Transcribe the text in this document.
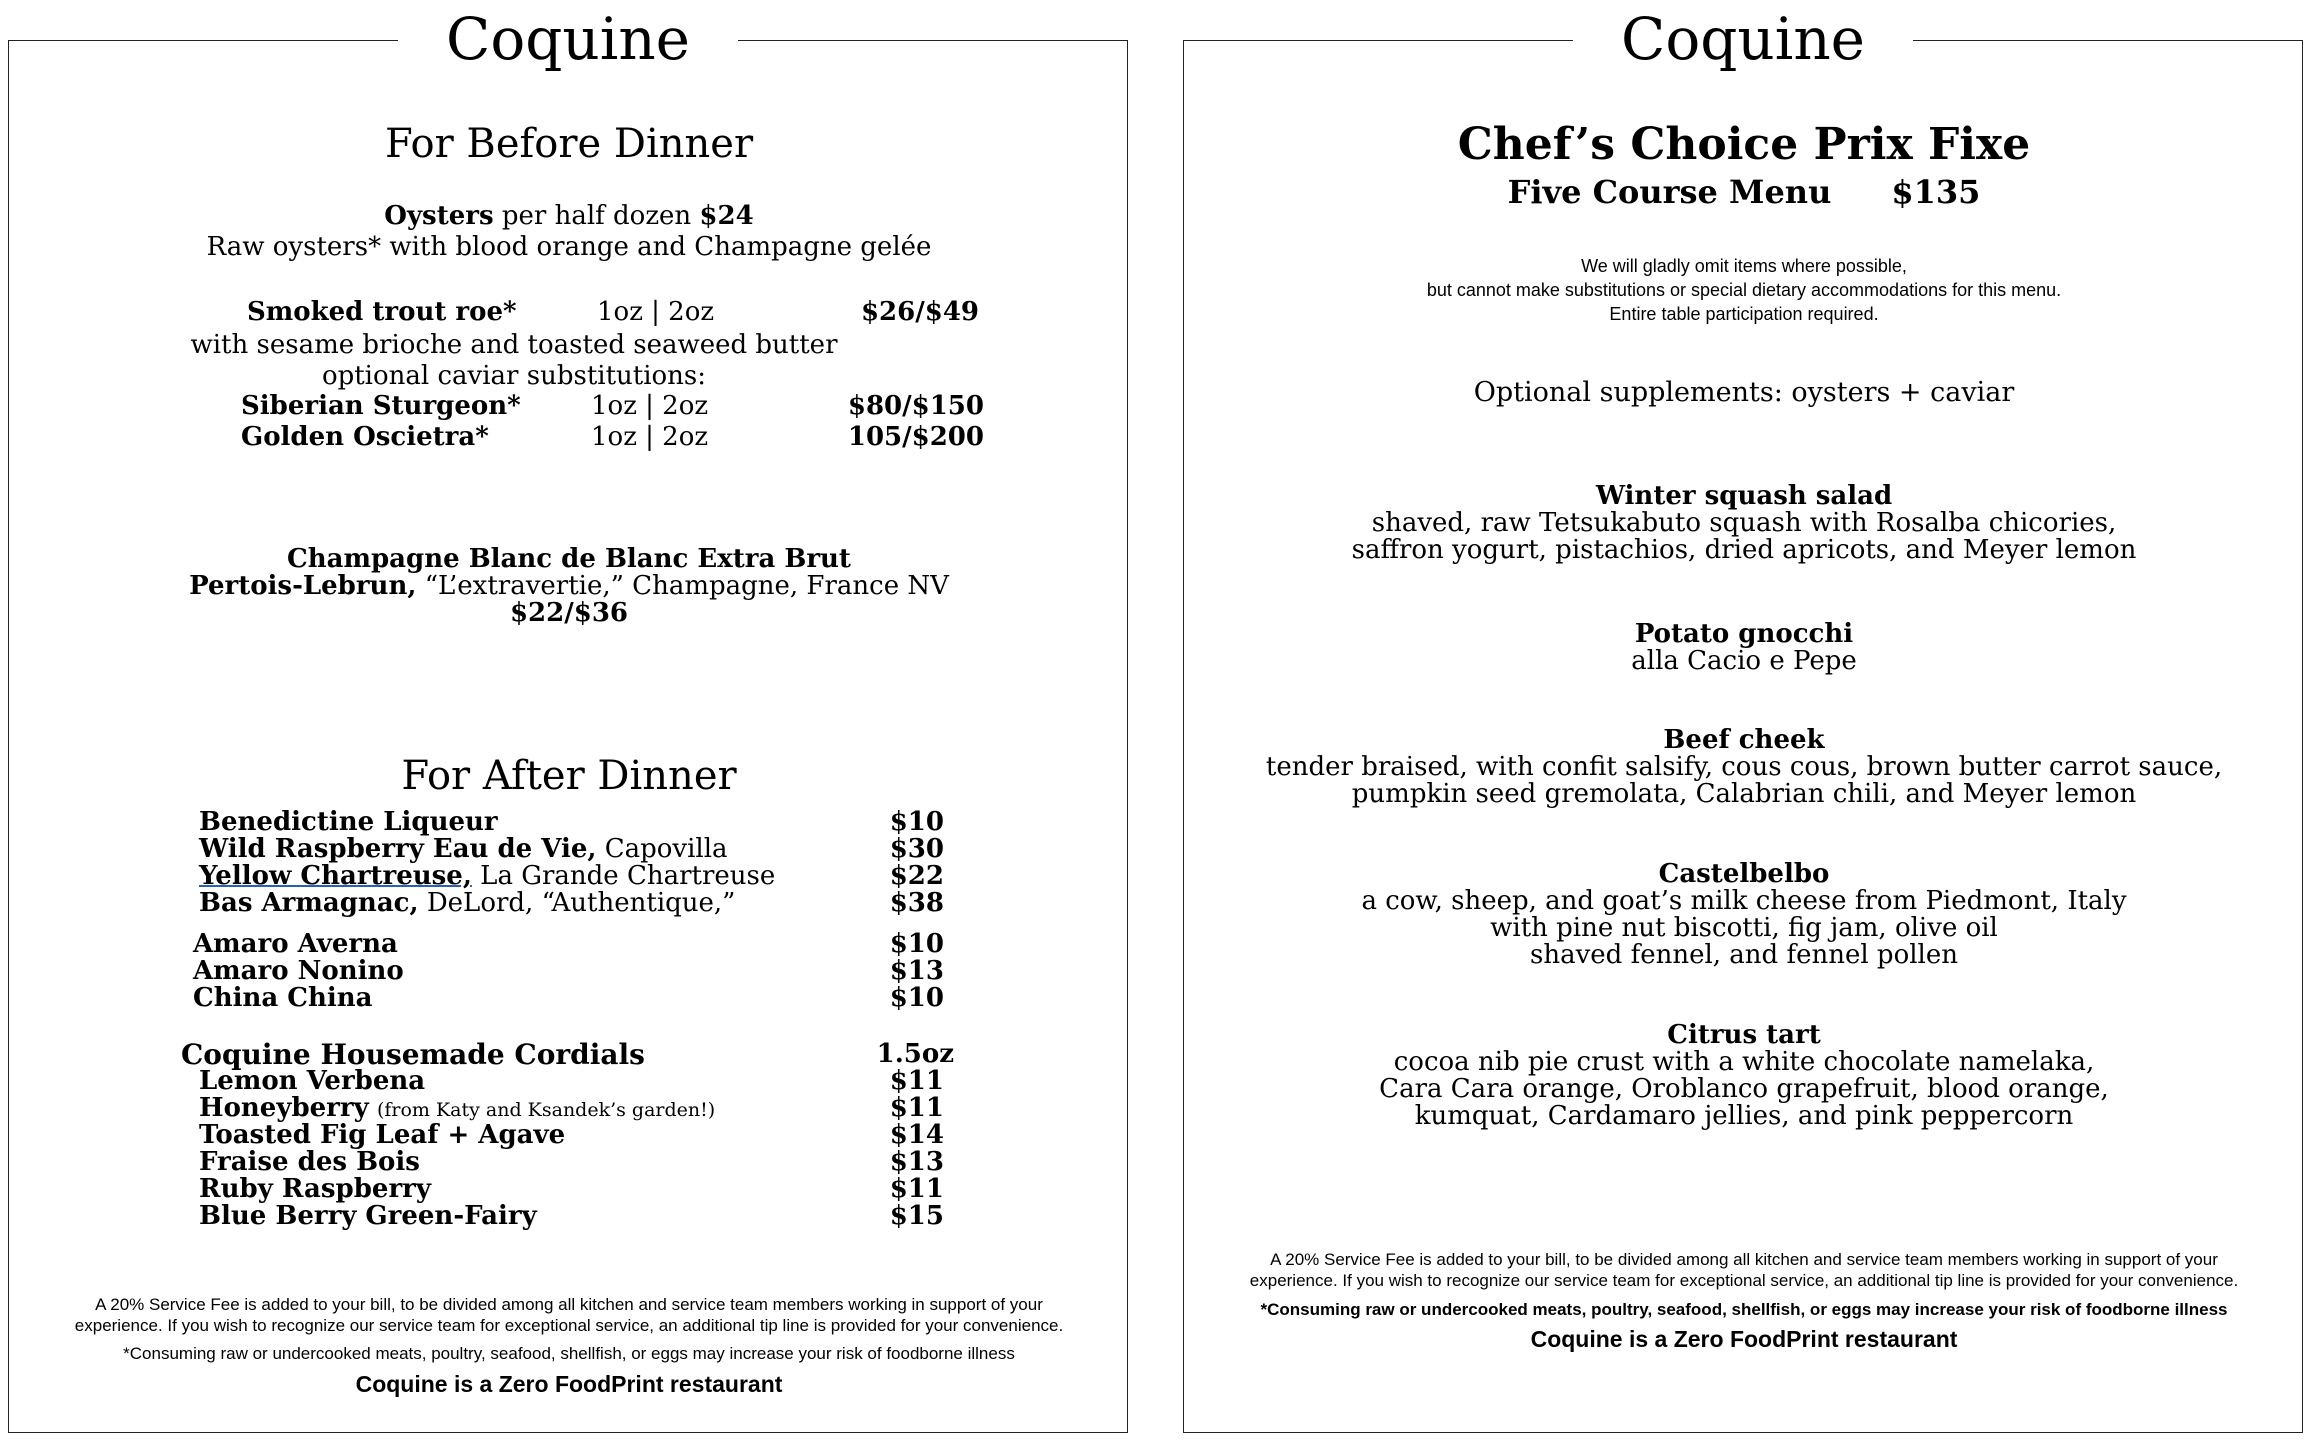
Coquine
For Before Dinner
Oysters per half dozen $24
Raw oysters* with blood orange and Champagne gelée
Smoked trout roe*	1oz | 2oz	$26/$49
with sesame brioche and toasted seaweed butter
optional caviar substitutions:
Siberian Sturgeon*	1oz | 2oz	$80/$150
Golden Oscietra*	1oz | 2oz	105/$200
Champagne Blanc de Blanc Extra Brut
Pertois-Lebrun, “L’extravertie,” Champagne, France NV
$22/$36
For After Dinner
Benedictine Liqueur	$10
Wild Raspberry Eau de Vie, Capovilla	$30
Yellow Chartreuse, La Grande Chartreuse	$22
Bas Armagnac, DeLord, “Authentique,”	$38
Amaro Averna	$10
Amaro Nonino	$13
China China	$10
Coquine Housemade Cordials	1.5oz
Lemon Verbena	$11
Honeyberry (from Katy and Ksandek’s garden!)	$11
Toasted Fig Leaf + Agave	$14
Fraise des Bois	$13
Ruby Raspberry	$11
Blue Berry Green-Fairy	$15
A 20% Service Fee is added to your bill, to be divided among all kitchen and service team members working in support of your
experience. If you wish to recognize our service team for exceptional service, an additional tip line is provided for your convenience.
*Consuming raw or undercooked meats, poultry, seafood, shellfish, or eggs may increase your risk of foodborne illness
Coquine is a Zero FoodPrint restaurant
Coquine
Chef’s Choice Prix Fixe
Five Course Menu $135
We will gladly omit items where possible,
but cannot make substitutions or special dietary accommodations for this menu.
Entire table participation required.
Optional supplements: oysters + caviar
Winter squash salad
shaved, raw Tetsukabuto squash with Rosalba chicories,
saffron yogurt, pistachios, dried apricots, and Meyer lemon
Potato gnocchi
alla Cacio e Pepe
Beef cheek
tender braised, with confit salsify, cous cous, brown butter carrot sauce,
pumpkin seed gremolata, Calabrian chili, and Meyer lemon
Castelbelbo
a cow, sheep, and goat’s milk cheese from Piedmont, Italy
with pine nut biscotti, fig jam, olive oil
shaved fennel, and fennel pollen
Citrus tart
cocoa nib pie crust with a white chocolate namelaka,
Cara Cara orange, Oroblanco grapefruit, blood orange,
kumquat, Cardamaro jellies, and pink peppercorn
A 20% Service Fee is added to your bill, to be divided among all kitchen and service team members working in support of your
experience. If you wish to recognize our service team for exceptional service, an additional tip line is provided for your convenience.
*Consuming raw or undercooked meats, poultry, seafood, shellfish, or eggs may increase your risk of foodborne illness
Coquine is a Zero FoodPrint restaurant
